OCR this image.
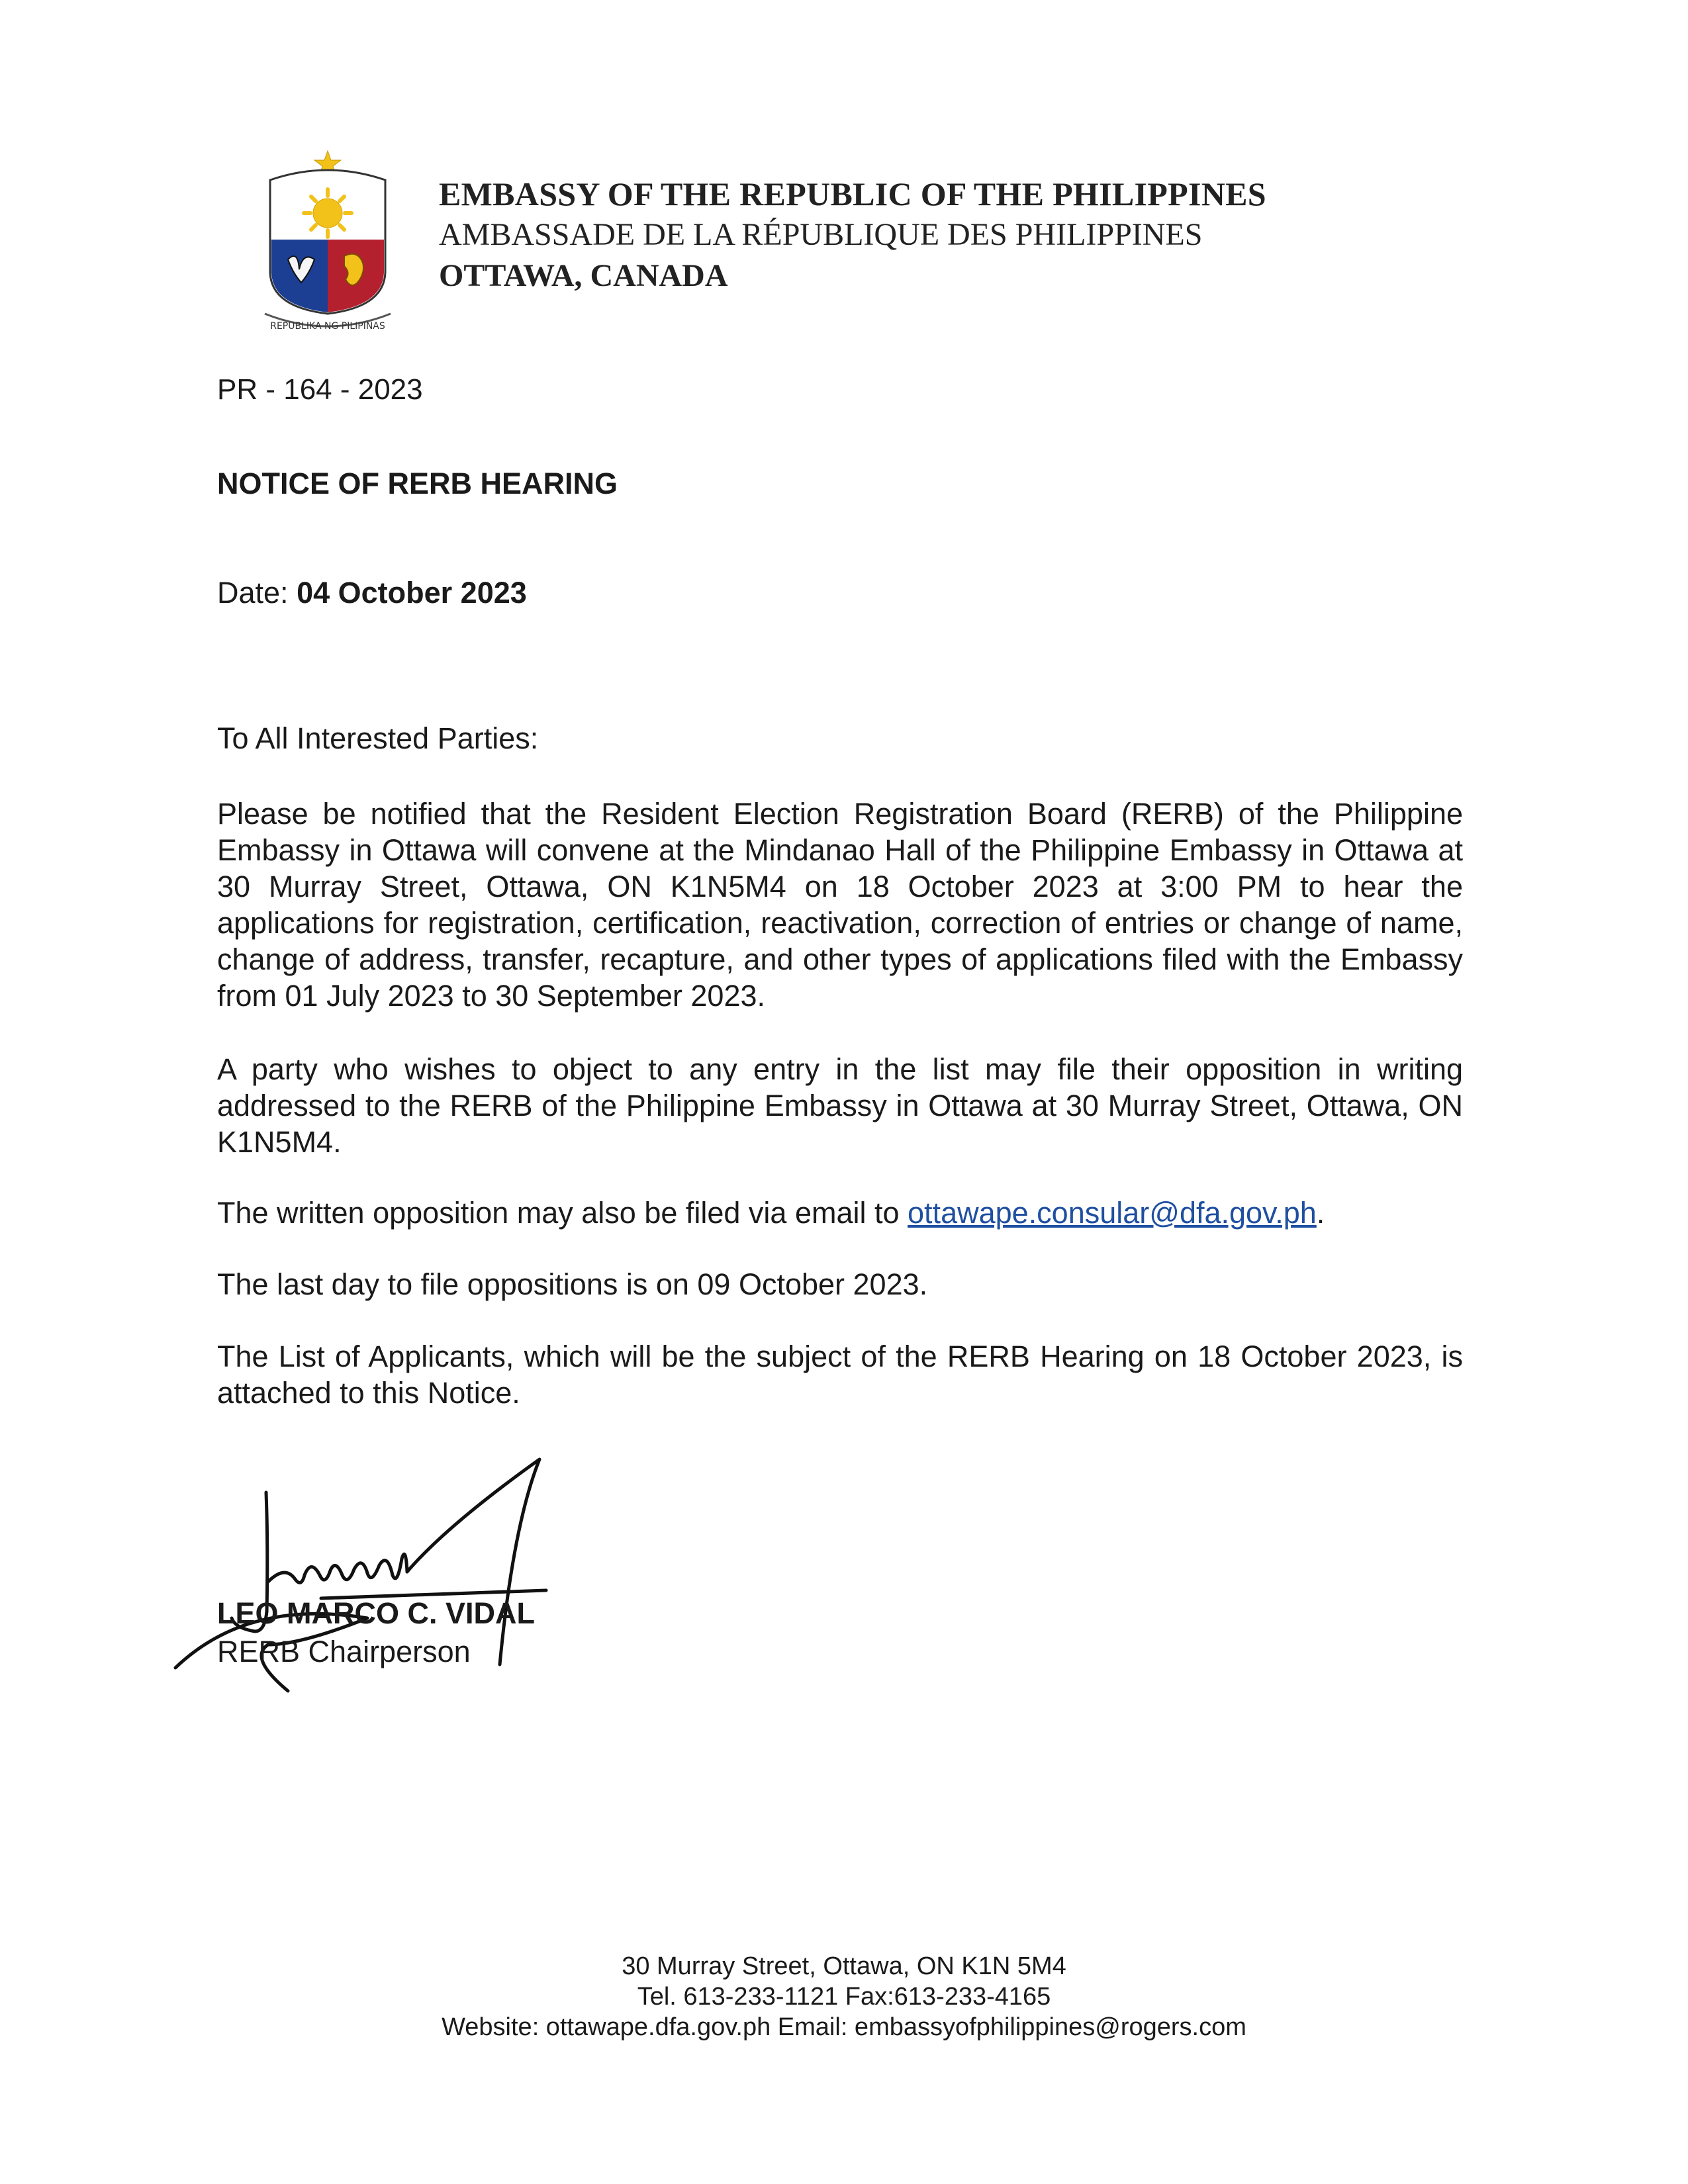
REPUBLIKA NG PILIPINAS
EMBASSY OF THE REPUBLIC OF THE PHILIPPINES
AMBASSADE DE LA RÉPUBLIQUE DES PHILIPPINES
OTTAWA, CANADA
PR - 164 - 2023
NOTICE OF RERB HEARING
Date: 04 October 2023
To All Interested Parties:
Please be notified that the Resident Election Registration Board (RERB) of the Philippine Embassy in Ottawa will convene at the Mindanao Hall of the Philippine Embassy in Ottawa at 30 Murray Street, Ottawa, ON K1N5M4 on 18 October 2023 at 3:00 PM to hear the applications for registration, certification, reactivation, correction of entries or change of name, change of address, transfer, recapture, and other types of applications filed with the Embassy from 01 July 2023 to 30 September 2023.
A party who wishes to object to any entry in the list may file their opposition in writing addressed to the RERB of the Philippine Embassy in Ottawa at 30 Murray Street, Ottawa, ON K1N5M4.
The written opposition may also be filed via email to ottawape.consular@dfa.gov.ph.
The last day to file oppositions is on 09 October 2023.
The List of Applicants, which will be the subject of the RERB Hearing on 18 October 2023, is attached to this Notice.
LEO MARCO C. VIDAL
RERB Chairperson
30 Murray Street, Ottawa, ON K1N 5M4
Tel. 613-233-1121 Fax:613-233-4165
Website: ottawape.dfa.gov.ph Email: embassyofphilippines@rogers.com
